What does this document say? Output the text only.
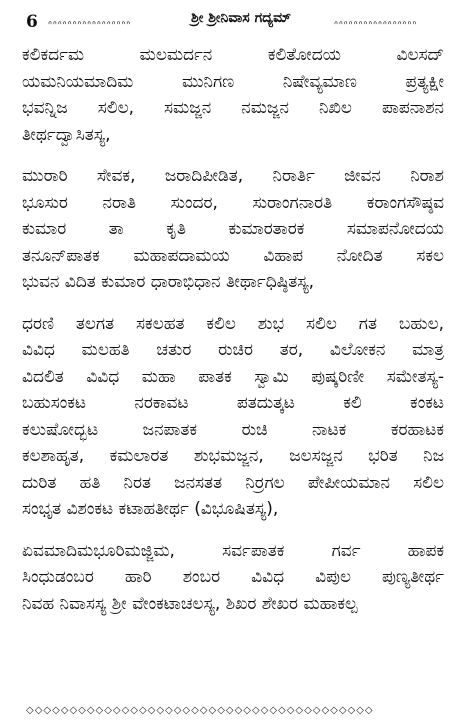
6
ᐢᐢᐢᐢᐢᐢᐢᐢᐢᐢᐢᐢᐢᐢᐢᐢᐢ	ಶ್ರೀ ಶ್ರೀನಿವಾಸ ಗದ್ಯಮ್
ᐢᐢᐢᐢᐢᐢᐢᐢᐢᐢᐢᐢᐢᐢᐢᐢᐢ
ಕಲಿಕರ್ದಮ ಮಲಮರ್ದನ ಕಲಿತೋದಯ ವಿಲಸದ್
ಯಮನಿಯಮಾದಿಮ ಮುನಿಗಣ ನಿಷೇವ್ಯಮಾಣ ಪ್ರತ್ಯಕ್ಷೀ
ಭವನ್ನಿಜ ಸಲಿಲ, ಸಮಜ್ಜನ ನಮಜ್ಜನ ನಿಖಿಲ ಪಾಪನಾಶನ
ತೀರ್ಥದ್ವಾಸಿತಸ್ಯ,
ಮುರಾರಿ ಸೇವಕ, ಜರಾದಿಪೀಡಿತ, ನಿರಾರ್ತಿ ಜೀವನ ನಿರಾಶ
ಭೂಸುರ ನರಾತಿ ಸುಂದರ, ಸುರಾಂಗನಾರತಿ ಕರಾಂಗಸೌಷ್ಠವ
ಕುಮಾರ ತಾ ಕೃತಿ ಕುಮಾರತಾರಕ ಸಮಾಪನೋದಯ
ತನೂನ್‌ಪಾತಕ ಮಹಾಪದಾಮಯ ವಿಹಾಪ ನೋದಿತ ಸಕಲ
ಭುವನ ವಿದಿತ ಕುಮಾರ ಧಾರಾಭಿಧಾನ ತೀರ್ಥಾಧಿಷ್ಠಿತಸ್ಯ,
ಧರಣಿ ತಲಗತ ಸಕಲಹತ ಕಲಿಲ ಶುಭ ಸಲಿಲ ಗತ ಬಹುಲ,
ವಿವಿಧ ಮಲಹತಿ ಚತುರ ರುಚಿರ ತರ, ವಿಲೋಕನ ಮಾತ್ರ
ವಿದಲಿತ ವಿವಿಧ ಮಹಾ ಪಾತಕ ಸ್ವಾಮಿ ಪುಷ್ಕರಿಣೀ ಸಮೇತಸ್ಯ-
ಬಹುಸಂಕಟ ನರಕಾವಟ ಪತದುತ್ಕಟ ಕಲಿ ಕಂಕಟ
ಕಲುಷೋದ್ಭಟ ಜನಪಾತಕ ರುಚಿ ನಾಟಕ ಕರಹಾಟಕ
ಕಲಶಾಹೃತ, ಕಮಲಾರತ ಶುಭಮಜ್ಜನ, ಜಲಸಜ್ಜನ ಭರಿತ ನಿಜ
ದುರಿತ ಹತಿ ನಿರತ ಜನಸತತ ನಿರ್ರಗಲ ಪೇಪೀಯಮಾನ ಸಲಿಲ
ಸಂಭೃತ ವಿಶಂಕಟ ಕಟಾಹತೀರ್ಥ (ವಿಭೂಷಿತಸ್ಯ),
ಏವಮಾದಿಮಭೂರಿಮಜ್ಜಿಮ, ಸರ್ವಪಾತಕ ಗರ್ವ ಹಾಪಕ
ಸಿಂಧುಡಂಬರ ಹಾರಿ ಶಂಬರ ವಿವಿಧ ವಿಪುಲ ಪುಣ್ಯತೀರ್ಥ
ನಿವಹ ನಿವಾಸಸ್ಯ ಶ್ರೀ ವೇಂಕಟಾಚಲಸ್ಯ, ಶಿಖರ ಶೇಖರ ಮಹಾಕಲ್ಪ
◇◇◇◇◇◇◇◇◇◇◇◇◇◇◇◇◇◇◇◇◇◇◇◇◇◇◇◇◇◇◇◇◇◇◇◇◇◇◇◇
